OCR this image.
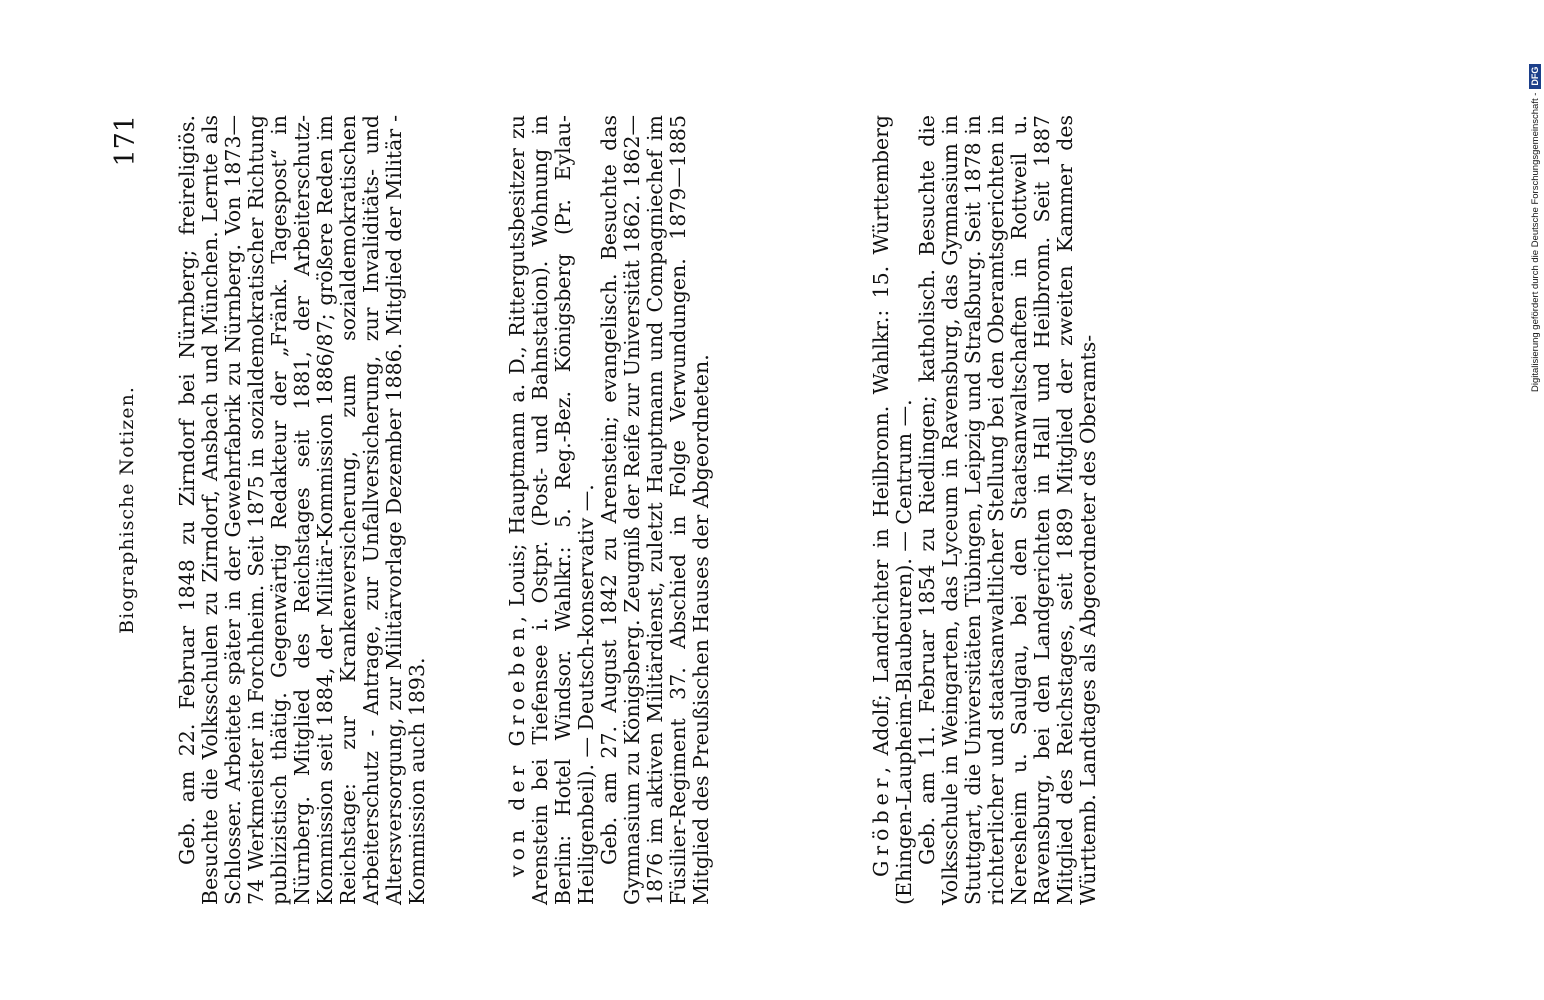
Biographische Notizen.
171 Geb. am 22. Februar 1848 zu Zirndorf bei Nürnberg; freireligiös. Besuchte die Volksschulen zu Zirndorf, Ansbach und München. Lernte als Schlosser. Arbeitete später in der Gewehrfabrik zu Nürnberg. Von 1873—74 Werkmeister in Forchheim. Seit 1875 in sozialdemokratischer Richtung publizistisch thätig. Gegenwärtig Redakteur der „Fränk. Tagespost“ in Nürnberg. Mitglied des Reichstages seit 1881, der Arbeiterschutz-Kommission seit 1884, der Militär-Kommission 1886/87; größere Reden im Reichstage: zur Krankenversicherung, zum sozialdemokratischen Arbeiterschutz - Antrage, zur Unfallversicherung, zur Invaliditäts- und Altersversorgung, zur Militärvorlage Dezember 1886. Mitglied der Militär - Kommission auch 1893.	von der Groeben, Louis; Hauptmann a. D., Rittergutsbesitzer zu Arenstein bei Tiefensee i. Ostpr. (Post- und Bahnstation). Wohnung in Berlin: Hotel Windsor. Wahlkr.: 5. Reg.-Bez. Königsberg (Pr. Eylau-Heiligenbeil). — Deutsch-konservativ —. Geb. am 27. August 1842 zu Arenstein; evangelisch. Besuchte das Gymnasium zu Königsberg. Zeugniß der Reife zur Universität 1862. 1862—1876 im aktiven Militärdienst, zuletzt Hauptmann und Compagniechef im Füsilier-Regiment 37. Abschied in Folge Verwundungen. 1879—1885 Mitglied des Preußischen Hauses der Abgeordneten.	Gröber, Adolf; Landrichter in Heilbronn. Wahlkr.: 15. Württemberg (Ehingen-Laupheim-Blaubeuren). — Centrum —. Geb. am 11. Februar 1854 zu Riedlingen; katholisch. Besuchte die Volksschule in Weingarten, das Lyceum in Ravensburg, das Gymnasium in Stuttgart, die Universitäten Tübingen, Leipzig und Straßburg. Seit 1878 in richterlicher und staatsanwaltlicher Stellung bei den Oberamtsgerichten in Neresheim u. Saulgau, bei den Staatsanwaltschaften in Rottweil u. Ravensburg, bei den Landgerichten in Hall und Heilbronn. Seit 1887 Mitglied des Reichstages, seit 1889 Mitglied der zweiten Kammer des Württemb. Landtages als Abgeordneter des Oberamts-

Digitalisierung gefördert durch die Deutsche Forschungsgemeinschaft -
DFG
